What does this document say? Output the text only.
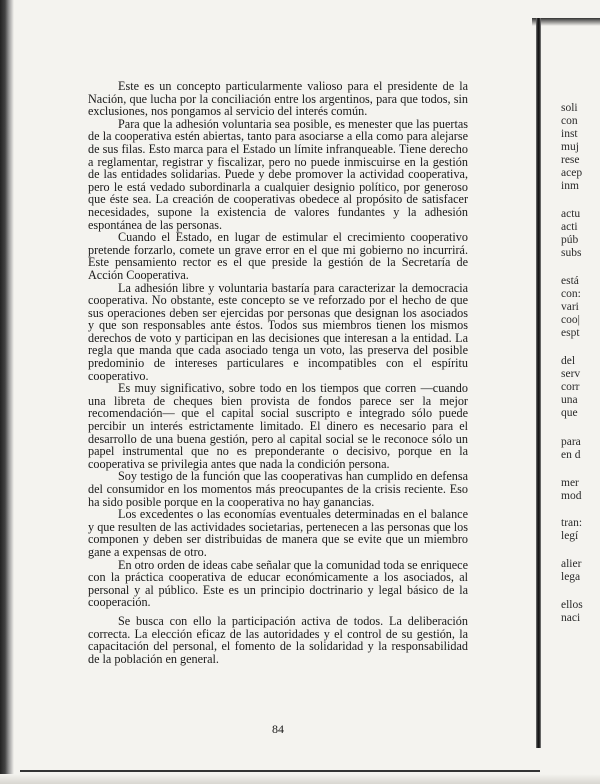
Este es un concepto particularmente valioso para el presidente de la Nación, que lucha por la conciliación entre los argentinos, para que todos, sin exclusiones, nos pongamos al servicio del interés común.

Para que la adhesión voluntaria sea posible, es menester que las puertas de la cooperativa estén abiertas, tanto para asociarse a ella como para alejarse de sus filas. Esto marca para el Estado un límite infranqueable. Tiene derecho a reglamentar, registrar y fiscalizar, pero no puede inmiscuirse en la gestión de las entidades solidarias. Puede y debe promover la actividad cooperativa, pero le está vedado subordinarla a cualquier designio político, por generoso que éste sea. La creación de cooperativas obedece al propósito de satisfacer necesidades, supone la existencia de valores fundantes y la adhesión espontánea de las personas.

Cuando el Estado, en lugar de estimular el crecimiento cooperativo pretende forzarlo, comete un grave error en el que mi gobierno no incurrirá. Este pensamiento rector es el que preside la gestión de la Secretaría de Acción Cooperativa.

La adhesión libre y voluntaria bastaría para caracterizar la democracia cooperativa. No obstante, este concepto se ve reforzado por el hecho de que sus operaciones deben ser ejercidas por personas que designan los asociados y que son responsables ante éstos. Todos sus miembros tienen los mismos derechos de voto y participan en las decisiones que interesan a la entidad. La regla que manda que cada asociado tenga un voto, las preserva del posible predominio de intereses particulares e incompatibles con el espíritu cooperativo.

Es muy significativo, sobre todo en los tiempos que corren —cuando una libreta de cheques bien provista de fondos parece ser la mejor recomendación— que el capital social suscripto e integrado sólo puede percibir un interés estrictamente limitado. El dinero es necesario para el desarrollo de una buena gestión, pero al capital social se le reconoce sólo un papel instrumental que no es preponderante o decisivo, porque en la cooperativa se privilegia antes que nada la condición persona.

Soy testigo de la función que las cooperativas han cumplido en defensa del consumidor en los momentos más preocupantes de la crisis reciente. Eso ha sido posible porque en la cooperativa no hay ganancias.

Los excedentes o las economías eventuales determinadas en el balance y que resulten de las actividades societarias, pertenecen a las personas que los componen y deben ser distribuidas de manera que se evite que un miembro gane a expensas de otro.

En otro orden de ideas cabe señalar que la comunidad toda se enriquece con la práctica cooperativa de educar económicamente a los asociados, al personal y al público. Este es un principio doctrinario y legal básico de la cooperación.

Se busca con ello la participación activa de todos. La deliberación correcta. La elección eficaz de las autoridades y el control de su gestión, la capacitación del personal, el fomento de la solidaridad y la responsabilidad de la población en general.

84
soli
con
inst
muj
rese
acep
inm
actu
acti
púb
subs
está
con:
vari
coo|
espt
del
serv
corr
una
que
para
en d
mer
mod
tran:
legí
alier
lega
ellos
naci
